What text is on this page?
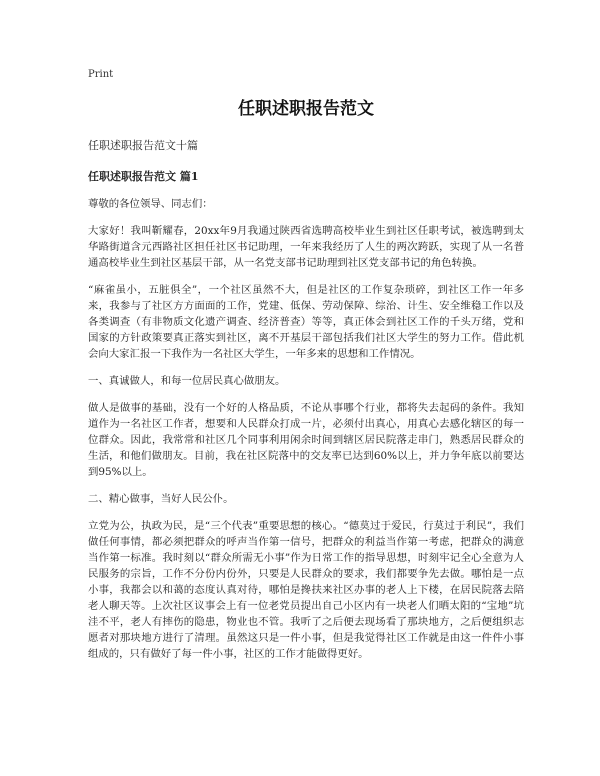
Print
任职述职报告范文

任职述职报告范文十篇

任职述职报告范文 篇1

尊敬的各位领导、同志们：

大家好！我叫靳耀春，20xx年9月我通过陕西省选聘高校毕业生到社区任职考试，被选聘到太华路街道含元西路社区担任社区书记助理，一年来我经历了人生的两次跨跃，实现了从一名普通高校毕业生到社区基层干部，从一名党支部书记助理到社区党支部书记的角色转换。

“麻雀虽小，五脏俱全”，一个社区虽然不大，但是社区的工作复杂琐碎，到社区工作一年多来，我参与了社区方方面面的工作，党建、低保、劳动保障、综治、计生、安全维稳工作以及各类调查（有非物质文化遗产调查、经济普查）等等，真正体会到社区工作的千头万绪，党和国家的方针政策要真正落实到社区，离不开基层干部包括我们社区大学生的努力工作。借此机会向大家汇报一下我作为一名社区大学生，一年多来的思想和工作情况。

一、真诚做人，和每一位居民真心做朋友。

做人是做事的基础，没有一个好的人格品质，不论从事哪个行业，都将失去起码的条件。我知道作为一名社区工作者，想要和人民群众打成一片，必须付出真心，用真心去感化辖区的每一位群众。因此，我常常和社区几个同事利用闲余时间到辖区居民院落走串门，熟悉居民群众的生活，和他们做朋友。目前，我在社区院落中的交友率已达到60%以上，并力争年底以前要达到95%以上。

二、精心做事，当好人民公仆。

立党为公，执政为民，是“三个代表”重要思想的核心。“德莫过于爱民，行莫过于利民”，我们做任何事情，都必须把群众的呼声当作第一信号，把群众的利益当作第一考虑，把群众的满意当作第一标准。我时刻以“群众所需无小事”作为日常工作的指导思想，时刻牢记全心全意为人民服务的宗旨，工作不分份内份外，只要是人民群众的要求，我们都要争先去做。哪怕是一点小事，我都会以和蔼的态度认真对待，哪怕是搀扶来社区办事的老人上下楼，在居民院落去陪老人聊天等。上次社区议事会上有一位老党员提出自己小区内有一块老人们晒太阳的“宝地”坑洼不平，老人有摔伤的隐患，物业也不管。我听了之后便去现场看了那块地方，之后便组织志愿者对那块地方进行了清理。虽然这只是一件小事，但是我觉得社区工作就是由这一件件小事组成的，只有做好了每一件小事，社区的工作才能做得更好。
